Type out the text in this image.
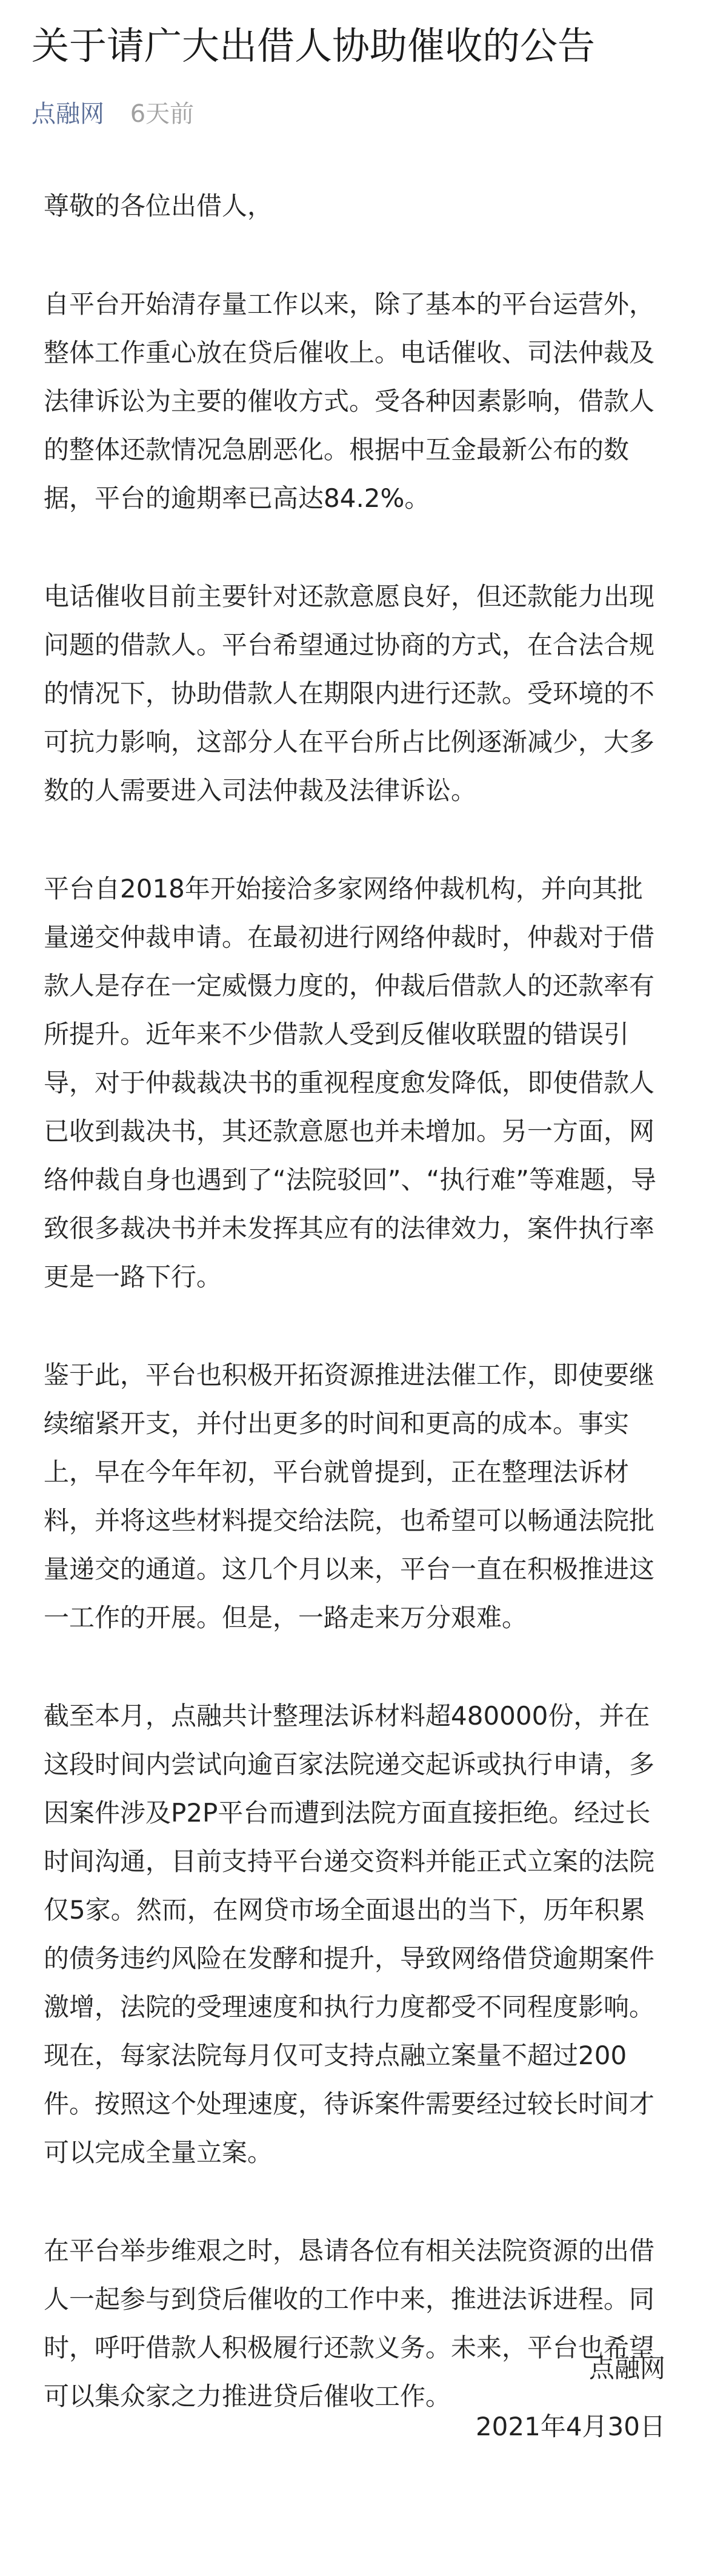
关于请广大出借人协助催收的公告
点融网 6天前

尊敬的各位出借人，

自平台开始清存量工作以来，除了基本的平台运营外，
整体工作重心放在贷后催收上。电话催收、司法仲裁及
法律诉讼为主要的催收方式。受各种因素影响，借款人
的整体还款情况急剧恶化。根据中互金最新公布的数
据，平台的逾期率已高达84.2%。

电话催收目前主要针对还款意愿良好，但还款能力出现
问题的借款人。平台希望通过协商的方式，在合法合规
的情况下，协助借款人在期限内进行还款。受环境的不
可抗力影响，这部分人在平台所占比例逐渐减少，大多
数的人需要进入司法仲裁及法律诉讼。

平台自2018年开始接洽多家网络仲裁机构，并向其批
量递交仲裁申请。在最初进行网络仲裁时，仲裁对于借
款人是存在一定威慑力度的，仲裁后借款人的还款率有
所提升。近年来不少借款人受到反催收联盟的错误引
导，对于仲裁裁决书的重视程度愈发降低，即使借款人
已收到裁决书，其还款意愿也并未增加。另一方面，网
络仲裁自身也遇到了“法院驳回”、“执行难”等难题，导
致很多裁决书并未发挥其应有的法律效力，案件执行率
更是一路下行。

鉴于此，平台也积极开拓资源推进法催工作，即使要继
续缩紧开支，并付出更多的时间和更高的成本。事实
上，早在今年年初，平台就曾提到，正在整理法诉材
料，并将这些材料提交给法院，也希望可以畅通法院批
量递交的通道。这几个月以来，平台一直在积极推进这
一工作的开展。但是，一路走来万分艰难。

截至本月，点融共计整理法诉材料超480000份，并在
这段时间内尝试向逾百家法院递交起诉或执行申请，多
因案件涉及P2P平台而遭到法院方面直接拒绝。经过长
时间沟通，目前支持平台递交资料并能正式立案的法院
仅5家。然而，在网贷市场全面退出的当下，历年积累
的债务违约风险在发酵和提升，导致网络借贷逾期案件
激增，法院的受理速度和执行力度都受不同程度影响。
现在，每家法院每月仅可支持点融立案量不超过200
件。按照这个处理速度，待诉案件需要经过较长时间才
可以完成全量立案。

在平台举步维艰之时，恳请各位有相关法院资源的出借
人一起参与到贷后催收的工作中来，推进法诉进程。同
时，呼吁借款人积极履行还款义务。未来，平台也希望
可以集众家之力推进贷后催收工作。

点融网
2021年4月30日
